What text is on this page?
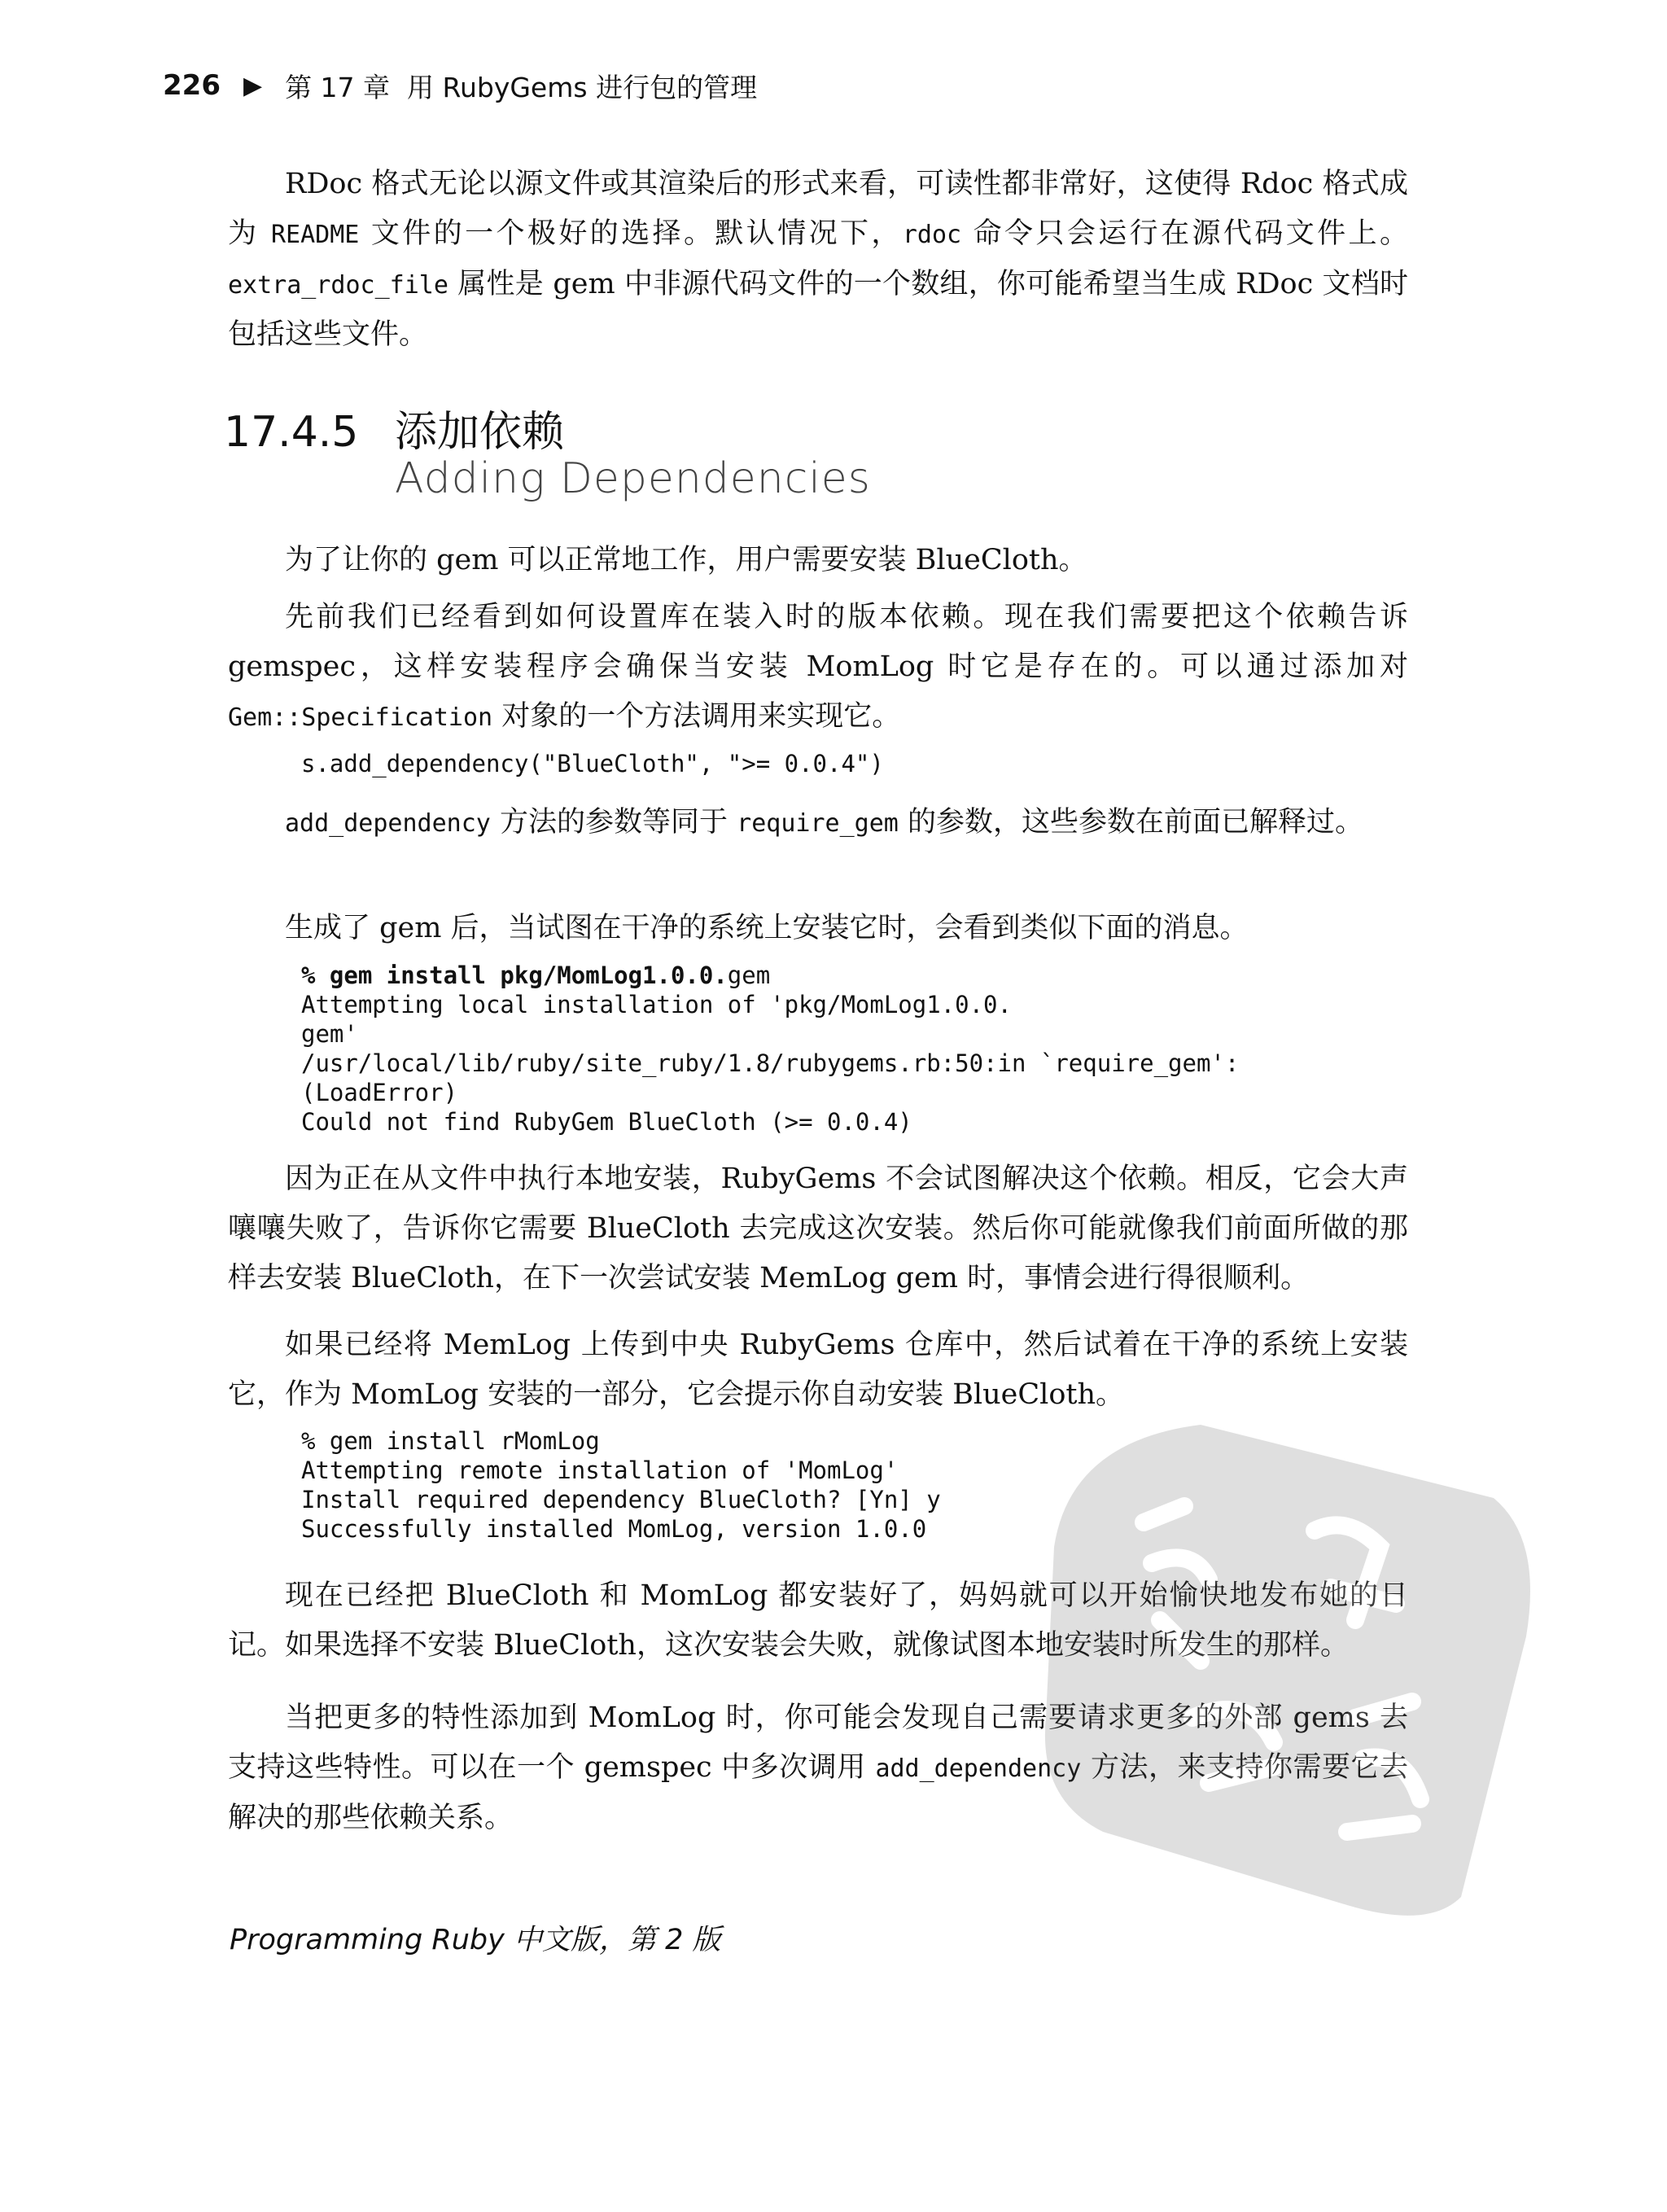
226 ▶ 第 17 章 用 RubyGems 进行包的管理

RDoc 格式无论以源文件或其渲染后的形式来看，可读性都非常好，这使得 Rdoc 格式成为 README 文件的一个极好的选择。默认情况下，rdoc 命令只会运行在源代码文件上。extra_rdoc_file 属性是 gem 中非源代码文件的一个数组，你可能希望当生成 RDoc 文档时包括这些文件。

17.4.5 添加依赖
Adding Dependencies

为了让你的 gem 可以正常地工作，用户需要安装 BlueCloth。

先前我们已经看到如何设置库在装入时的版本依赖。现在我们需要把这个依赖告诉 gemspec，这样安装程序会确保当安装 MomLog 时它是存在的。可以通过添加对 Gem::Specification 对象的一个方法调用来实现它。

s.add_dependency("BlueCloth", ">= 0.0.4")

add_dependency 方法的参数等同于 require_gem 的参数，这些参数在前面已解释过。

生成了 gem 后，当试图在干净的系统上安装它时，会看到类似下面的消息。

% gem install pkg/MomLog1.0.0.gem
Attempting local installation of 'pkg/MomLog1.0.0.
gem'
/usr/local/lib/ruby/site_ruby/1.8/rubygems.rb:50:in `require_gem':
(LoadError)
Could not find RubyGem BlueCloth (>= 0.0.4)

因为正在从文件中执行本地安装，RubyGems 不会试图解决这个依赖。相反，它会大声嚷嚷失败了，告诉你它需要 BlueCloth 去完成这次安装。然后你可能就像我们前面所做的那样去安装 BlueCloth，在下一次尝试安装 MemLog gem 时，事情会进行得很顺利。

如果已经将 MemLog 上传到中央 RubyGems 仓库中，然后试着在干净的系统上安装它，作为 MomLog 安装的一部分，它会提示你自动安装 BlueCloth。

% gem install rMomLog
Attempting remote installation of 'MomLog'
Install required dependency BlueCloth? [Yn] y
Successfully installed MomLog, version 1.0.0

现在已经把 BlueCloth 和 MomLog 都安装好了，妈妈就可以开始愉快地发布她的日记。如果选择不安装 BlueCloth，这次安装会失败，就像试图本地安装时所发生的那样。

当把更多的特性添加到 MomLog 时，你可能会发现自己需要请求更多的外部 gems 去支持这些特性。可以在一个 gemspec 中多次调用 add_dependency 方法，来支持你需要它去解决的那些依赖关系。

Programming Ruby 中文版，第 2 版
